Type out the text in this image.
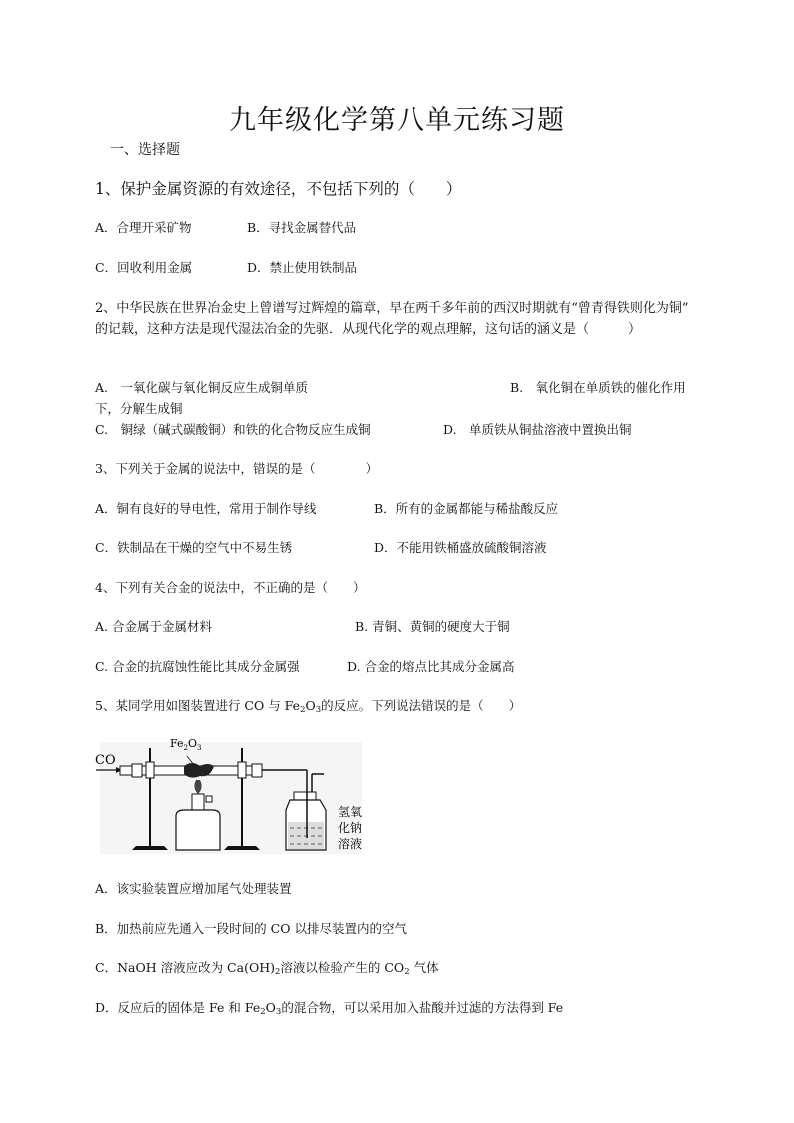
九年级化学第八单元练习题
一、选择题
1、保护金属资源的有效途径，不包括下列的（　　）
A．合理开采矿物	B．寻找金属替代品
C．回收利用金属	D．禁止使用铁制品
2、中华民族在世界冶金史上曾谱写过辉煌的篇章，早在两千多年前的西汉时期就有“曾青得铁则化为铜”
的记载，这种方法是现代湿法冶金的先驱．从现代化学的观点理解，这句话的涵义是（　　　）
A.　一氧化碳与氧化铜反应生成铜单质	B.　氧化铜在单质铁的催化作用
下，分解生成铜
C.　铜绿（碱式碳酸铜）和铁的化合物反应生成铜	D.　单质铁从铜盐溶液中置换出铜
3、下列关于金属的说法中，错误的是（　　　　）
A．铜有良好的导电性，常用于制作导线	B．所有的金属都能与稀盐酸反应
C．铁制品在干燥的空气中不易生锈	D．不能用铁桶盛放硫酸铜溶液
4、下列有关合金的说法中，不正确的是（　　）
A. 合金属于金属材料	B. 青铜、黄铜的硬度大于铜
C. 合金的抗腐蚀性能比其成分金属强	D. 合金的熔点比其成分金属高
5、某同学用如图装置进行 CO 与 $Fe_2O_3$的反应。下列说法错误的是（　　）
CO
$Fe_2O_3$
氢氧
化钠
溶液
A．该实验装置应增加尾气处理装置
B．加热前应先通入一段时间的 CO 以排尽装置内的空气
C．NaOH 溶液应改为 $Ca(OH)_2$溶液以检验产生的 $CO_2$ 气体
D．反应后的固体是 Fe 和 $Fe_2O_3$的混合物，可以采用加入盐酸并过滤的方法得到 Fe
